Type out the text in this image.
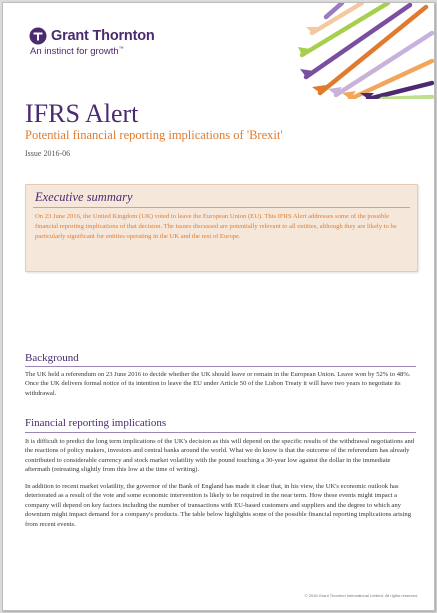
Grant Thornton
An instinct for growth™
IFRS Alert
Potential financial reporting implications of 'Brexit'
Issue 2016-06
Executive summary
On 23 June 2016, the United Kingdom (UK) voted to leave the European Union (EU). This IFRS Alert addresses some of the possible financial reporting implications of that decision. The issues discussed are potentially relevant to all entities, although they are likely to be particularly significant for entities operating in the UK and the rest of Europe.
Background

The UK held a referendum on 23 June 2016 to decide whether the UK should leave or remain in the European Union. Leave won by 52% to 48%. Once the UK delivers formal notice of its intention to leave the EU under Article 50 of the Lisbon Treaty it will have two years to negotiate its withdrawal.

Financial reporting implications

It is difficult to predict the long term implications of the UK's decision as this will depend on the specific results of the withdrawal negotiations and the reactions of policy makers, investors and central banks around the world. What we do know is that the outcome of the referendum has already contributed to considerable currency and stock market volatility with the pound touching a 30-year low against the dollar in the immediate aftermath (retreating slightly from this low at the time of writing).

In addition to recent market volatility, the governor of the Bank of England has made it clear that, in his view, the UK's economic outlook has deteriorated as a result of the vote and some economic intervention is likely to be required in the near term. How these events might impact a company will depend on key factors including the number of transactions with EU-based customers and suppliers and the degree to which any downturn might impact demand for a company's products. The table below highlights some of the possible financial reporting implications arising from recent events.

© 2016 Grant Thornton International Limited. All rights reserved.
